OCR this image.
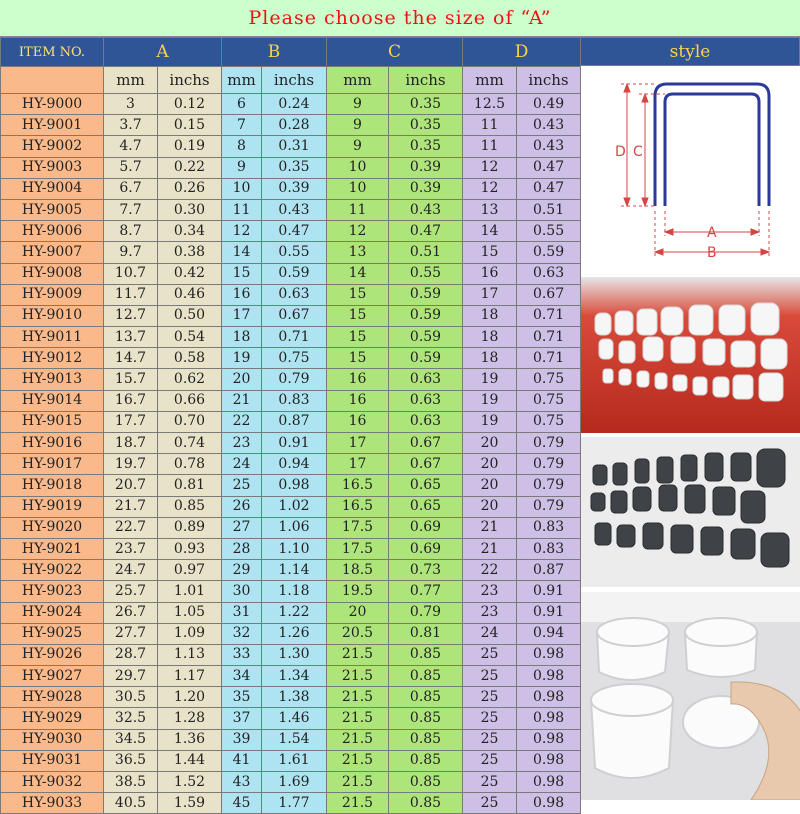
Please choose the size of “A”
ITEM NO.	A		B		C		D	
	mm	inchs	mm	inchs	mm	inchs	mm	inchs
HY-9000	3	0.12	6	0.24	9	0.35	12.5	0.49
HY-9001	3.7	0.15	7	0.28	9	0.35	11	0.43
HY-9002	4.7	0.19	8	0.31	9	0.35	11	0.43
HY-9003	5.7	0.22	9	0.35	10	0.39	12	0.47
HY-9004	6.7	0.26	10	0.39	10	0.39	12	0.47
HY-9005	7.7	0.30	11	0.43	11	0.43	13	0.51
HY-9006	8.7	0.34	12	0.47	12	0.47	14	0.55
HY-9007	9.7	0.38	14	0.55	13	0.51	15	0.59
HY-9008	10.7	0.42	15	0.59	14	0.55	16	0.63
HY-9009	11.7	0.46	16	0.63	15	0.59	17	0.67
HY-9010	12.7	0.50	17	0.67	15	0.59	18	0.71
HY-9011	13.7	0.54	18	0.71	15	0.59	18	0.71
HY-9012	14.7	0.58	19	0.75	15	0.59	18	0.71
HY-9013	15.7	0.62	20	0.79	16	0.63	19	0.75
HY-9014	16.7	0.66	21	0.83	16	0.63	19	0.75
HY-9015	17.7	0.70	22	0.87	16	0.63	19	0.75
HY-9016	18.7	0.74	23	0.91	17	0.67	20	0.79
HY-9017	19.7	0.78	24	0.94	17	0.67	20	0.79
HY-9018	20.7	0.81	25	0.98	16.5	0.65	20	0.79
HY-9019	21.7	0.85	26	1.02	16.5	0.65	20	0.79
HY-9020	22.7	0.89	27	1.06	17.5	0.69	21	0.83
HY-9021	23.7	0.93	28	1.10	17.5	0.69	21	0.83
HY-9022	24.7	0.97	29	1.14	18.5	0.73	22	0.87
HY-9023	25.7	1.01	30	1.18	19.5	0.77	23	0.91
HY-9024	26.7	1.05	31	1.22	20	0.79	23	0.91
HY-9025	27.7	1.09	32	1.26	20.5	0.81	24	0.94
HY-9026	28.7	1.13	33	1.30	21.5	0.85	25	0.98
HY-9027	29.7	1.17	34	1.34	21.5	0.85	25	0.98
HY-9028	30.5	1.20	35	1.38	21.5	0.85	25	0.98
HY-9029	32.5	1.28	37	1.46	21.5	0.85	25	0.98
HY-9030	34.5	1.36	39	1.54	21.5	0.85	25	0.98
HY-9031	36.5	1.44	41	1.61	21.5	0.85	25	0.98
HY-9032	38.5	1.52	43	1.69	21.5	0.85	25	0.98
HY-9033	40.5	1.59	45	1.77	21.5	0.85	25	0.98
style
D C
A
B
